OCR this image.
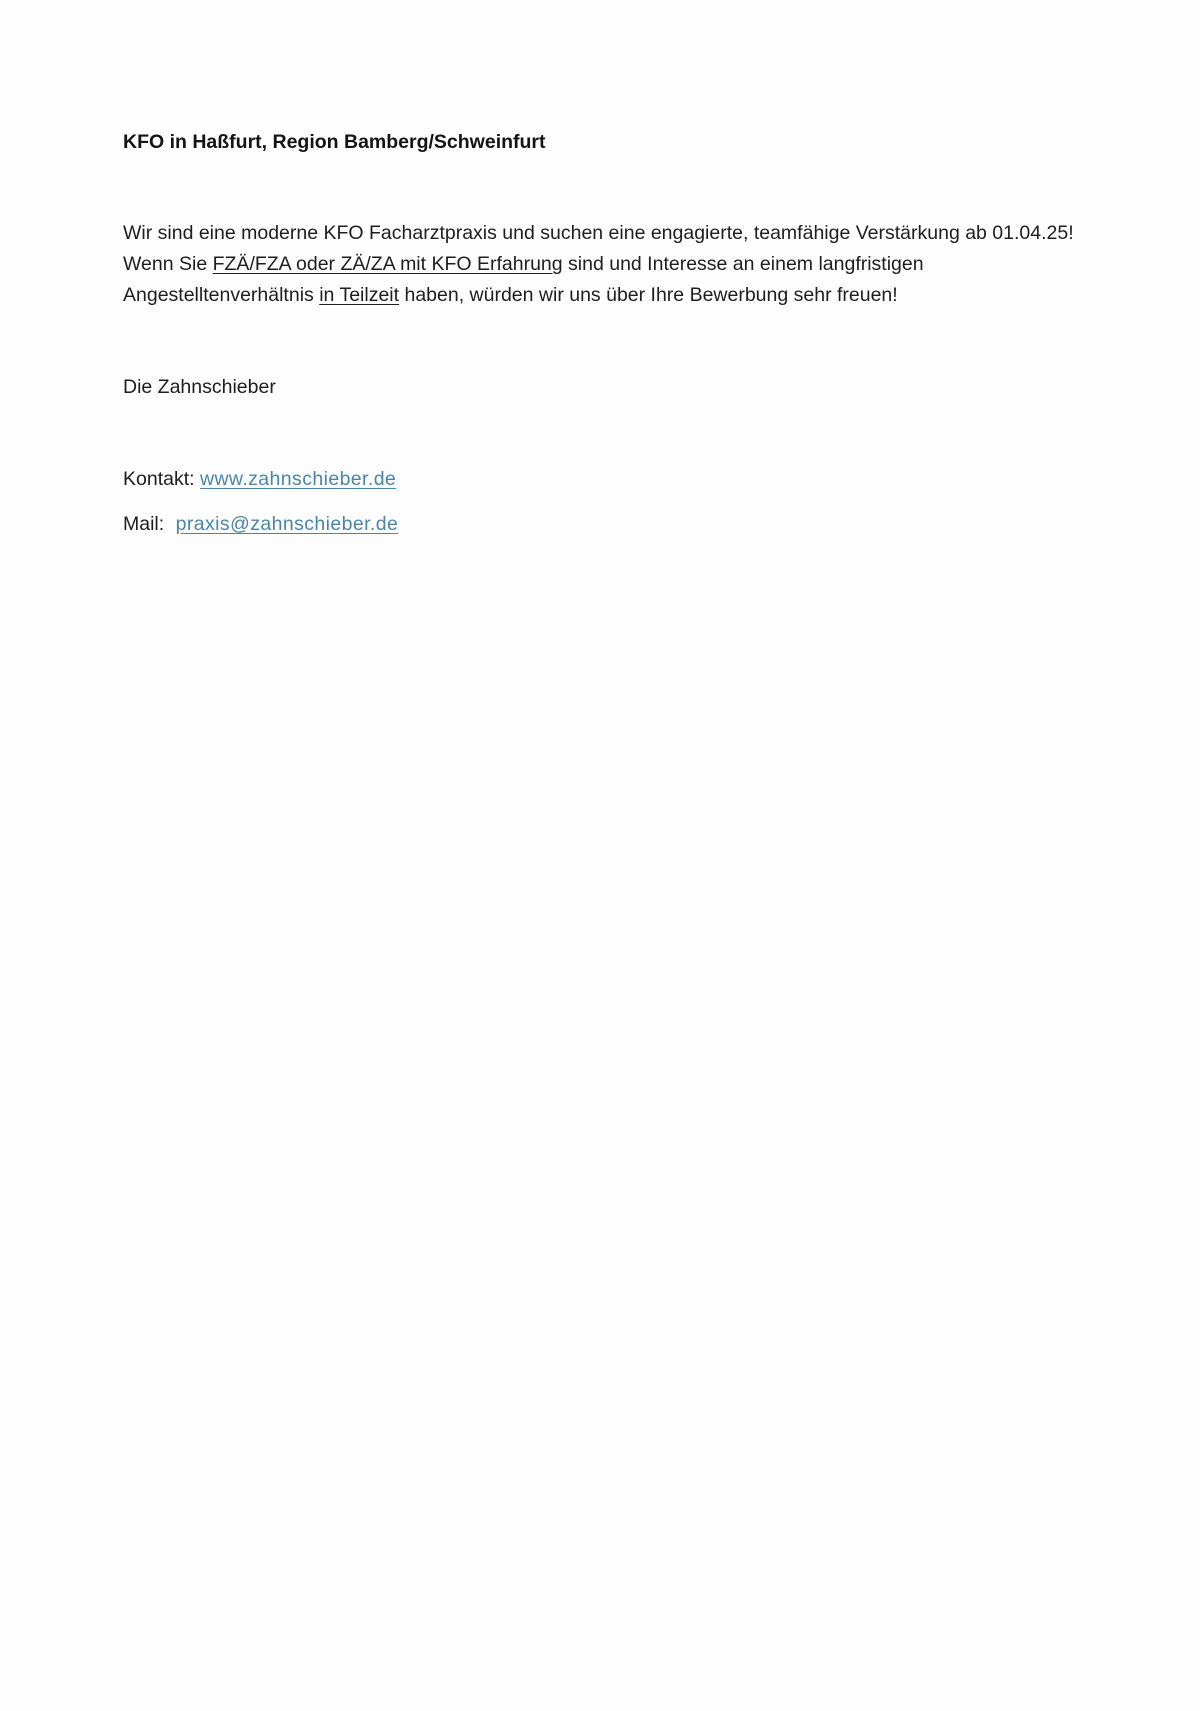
KFO in Haßfurt, Region Bamberg/Schweinfurt

Wir sind eine moderne KFO Facharztpraxis und suchen eine engagierte, teamfähige Verstärkung ab 01.04.25! Wenn Sie FZÄ/FZA oder ZÄ/ZA mit KFO Erfahrung sind und Interesse an einem langfristigen Angestelltenverhältnis in Teilzeit haben, würden wir uns über Ihre Bewerbung sehr freuen!

Die Zahnschieber
Kontakt: www.zahnschieber.de
Mail: praxis@zahnschieber.de
